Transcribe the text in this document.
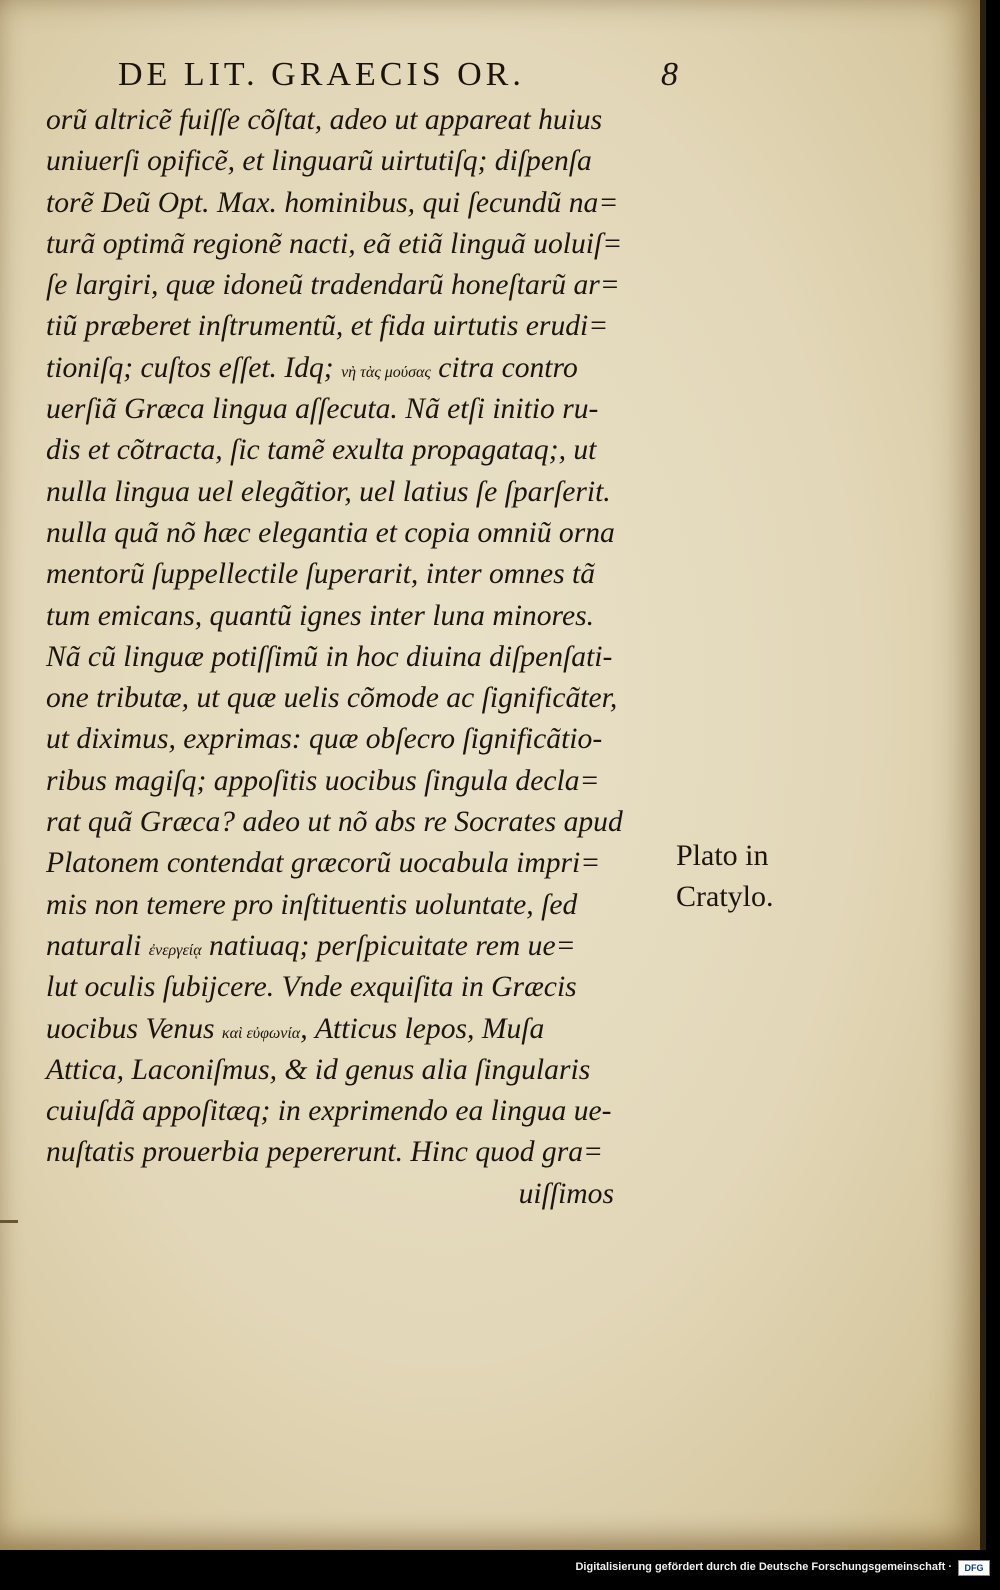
DE LIT. GRAECIS OR.	8
orũ altricẽ fuiſſe cõſtat, adeo ut appareat huius
uniuerſi opificẽ, et linguarũ uirtutiſq; diſpenſa
torẽ Deũ Opt. Max. hominibus, qui ſecundũ na=
turã optimã regionẽ nacti, eã etiã linguã uoluiſ=
ſe largiri, quæ idoneũ tradendarũ honeſtarũ ar=
tiũ præberet inſtrumentũ, et fida uirtutis erudi=
tioniſq; cuſtos eſſet. Idq; νὴ τὰς μούσας citra contro
uerſiã Græca lingua aſſecuta. Nã etſi initio ru-
dis et cõtracta, ſic tamẽ exulta propagataq;, ut
nulla lingua uel elegãtior, uel latius ſe ſparſerit.
nulla quã nõ hæc elegantia et copia omniũ orna
mentorũ ſuppellectile ſuperarit, inter omnes tã
tum emicans, quantũ ignes inter luna minores.
Nã cũ linguæ potiſſimũ in hoc diuina diſpenſati-
one tributæ, ut quæ uelis cõmode ac ſignificãter,
ut diximus, exprimas: quæ obſecro ſignificãtio-
ribus magiſq; appoſitis uocibus ſingula decla=
rat quã Græca? adeo ut nõ abs re Socrates apud
Platonem contendat græcorũ uocabula impri=
mis non temere pro inſtituentis uoluntate, ſed
naturali ἐνεργείᾳ natiuaq; perſpicuitate rem ue=
lut oculis ſubijcere. Vnde exquiſita in Græcis
uocibus Venus καὶ εὐφωνία, Atticus lepos, Muſa
Attica, Laconiſmus, & id genus alia ſingularis
cuiuſdã appoſitæq; in exprimendo ea lingua ue-
nuſtatis prouerbia pepererunt. Hinc quod gra=
uiſſimos
Plato in
Cratylo.
Digitalisierung gefördert durch die Deutsche Forschungsgemeinschaft ·	DFG
